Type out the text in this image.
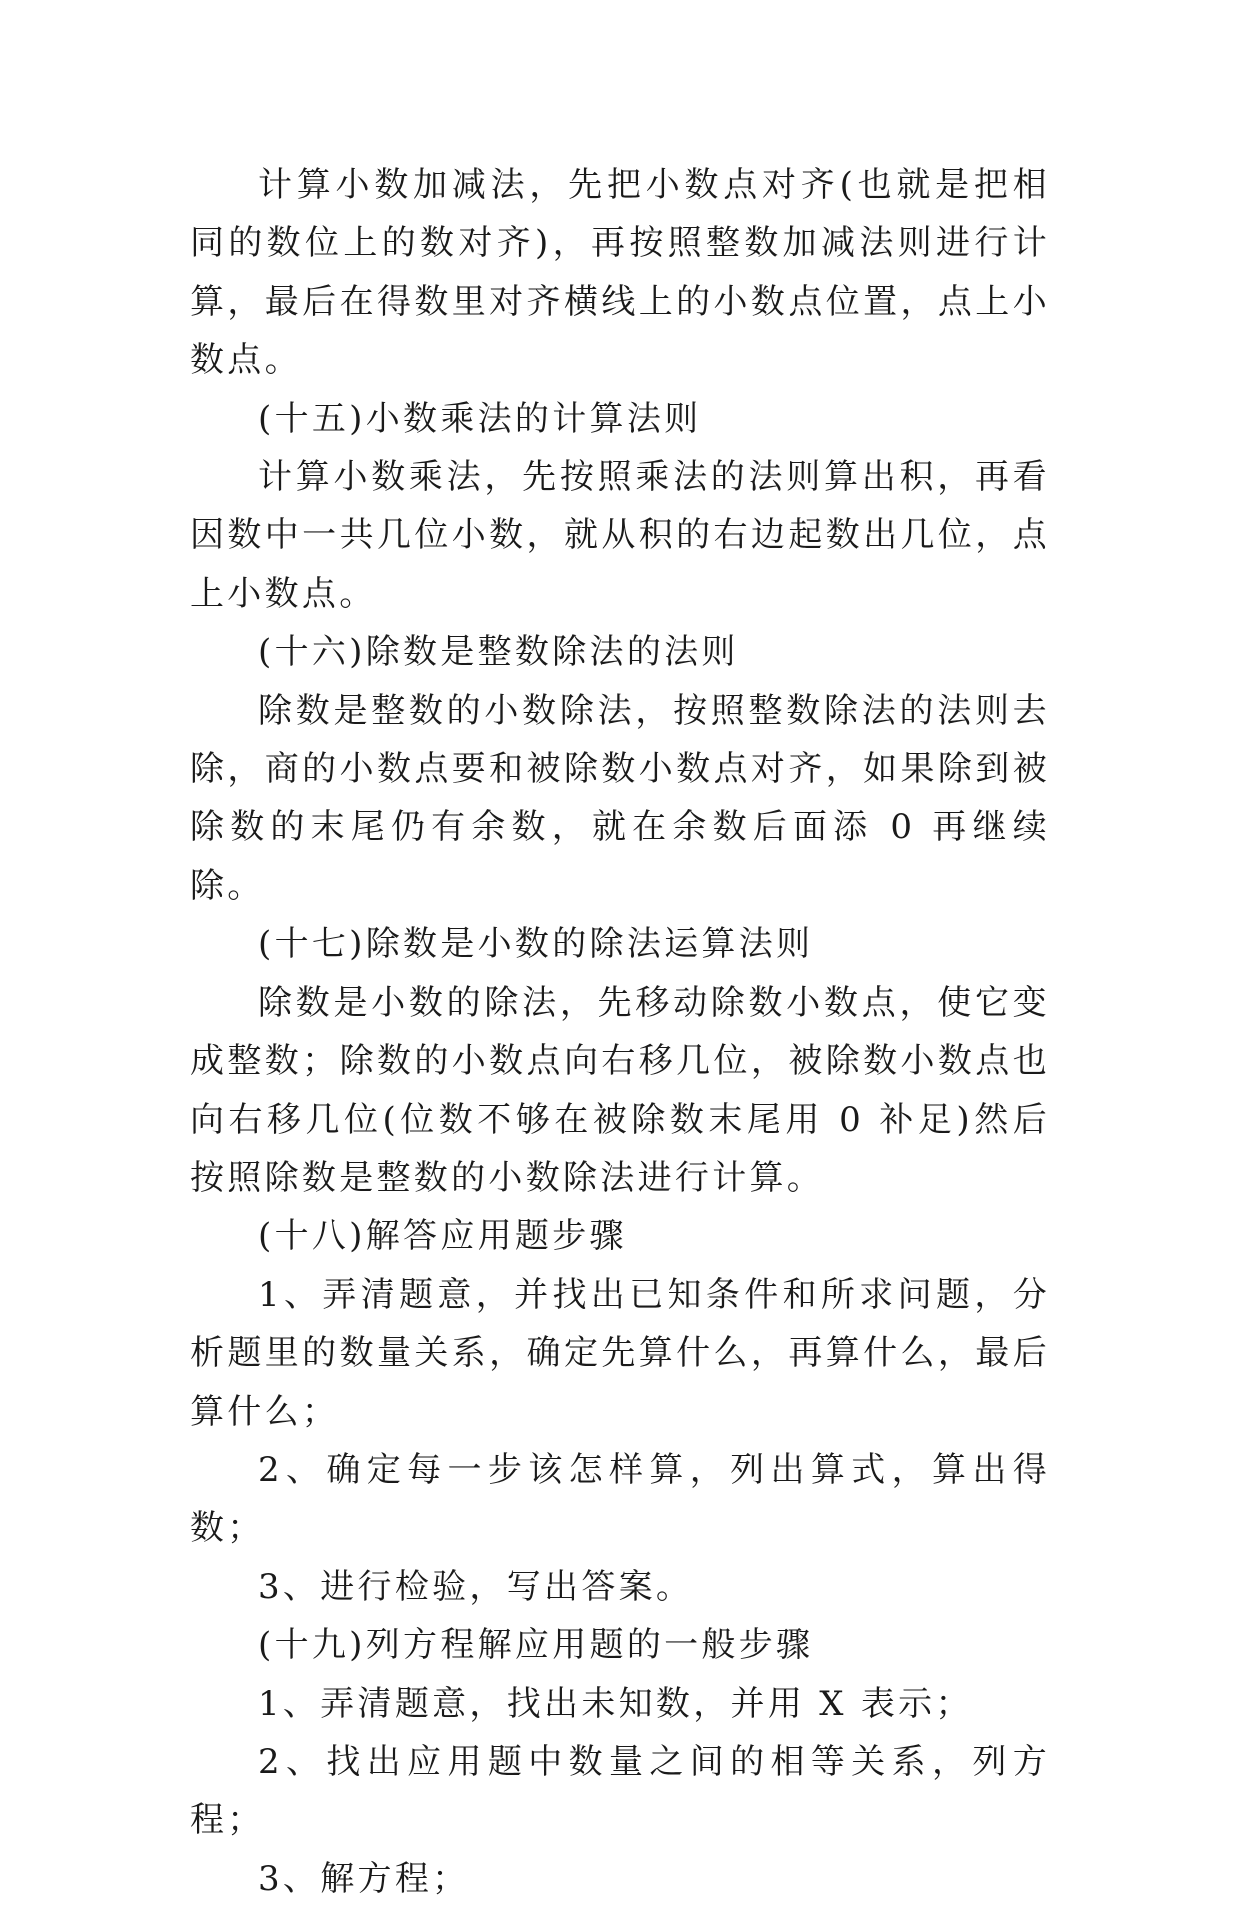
计算小数加减法，先把小数点对齐(也就是把相同的数位上的数对齐)，再按照整数加减法则进行计算，最后在得数里对齐横线上的小数点位置，点上小数点。

(十五)小数乘法的计算法则

计算小数乘法，先按照乘法的法则算出积，再看因数中一共几位小数，就从积的右边起数出几位，点上小数点。

(十六)除数是整数除法的法则

除数是整数的小数除法，按照整数除法的法则去除，商的小数点要和被除数小数点对齐，如果除到被除数的末尾仍有余数，就在余数后面添 0 再继续除。

(十七)除数是小数的除法运算法则

除数是小数的除法，先移动除数小数点，使它变成整数；除数的小数点向右移几位，被除数小数点也向右移几位(位数不够在被除数末尾用 0 补足)然后按照除数是整数的小数除法进行计算。

(十八)解答应用题步骤

1、弄清题意，并找出已知条件和所求问题，分析题里的数量关系，确定先算什么，再算什么，最后算什么；

2、确定每一步该怎样算，列出算式，算出得数；

3、进行检验，写出答案。

(十九)列方程解应用题的一般步骤

1、弄清题意，找出未知数，并用 X 表示；

2、找出应用题中数量之间的相等关系，列方程；

3、解方程；
